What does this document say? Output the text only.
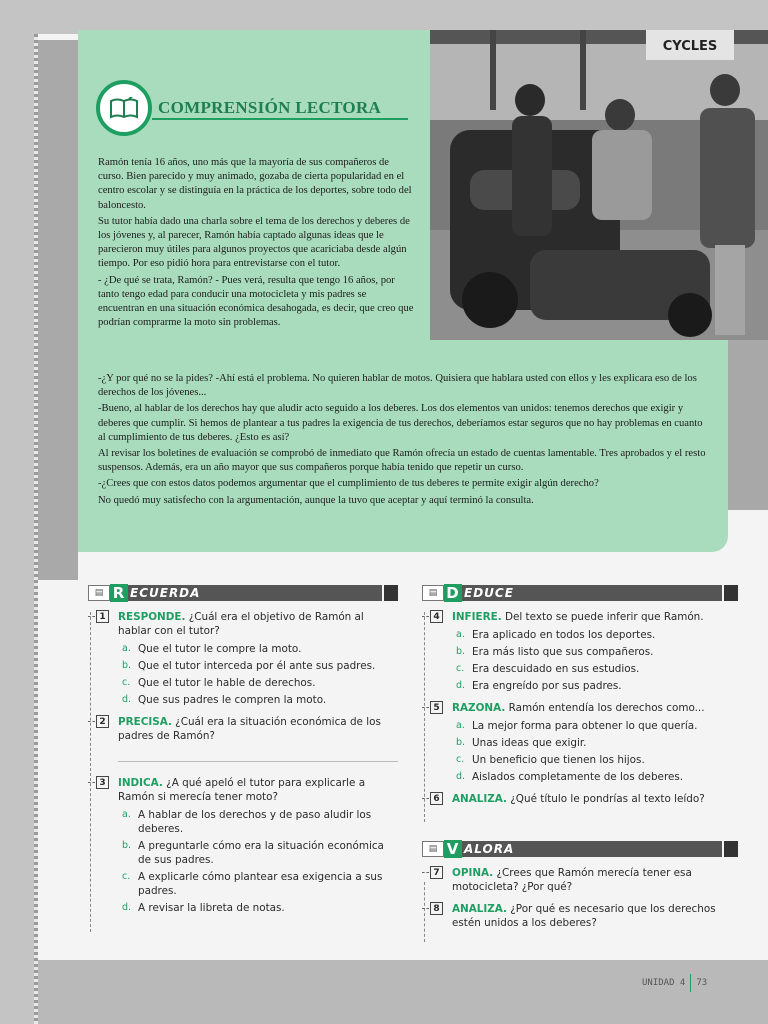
CYCLES
COMPRENSIÓN LECTORA

Ramón tenía 16 años, uno más que la mayoría de sus compañeros de curso. Bien parecido y muy animado, gozaba de cierta popularidad en el centro escolar y se distinguía en la práctica de los deportes, sobre todo del baloncesto.

Su tutor había dado una charla sobre el tema de los derechos y deberes de los jóvenes y, al parecer, Ramón había captado algunas ideas que le parecieron muy útiles para algunos proyectos que acariciaba desde algún tiempo. Por eso pidió hora para entrevistarse con el tutor.

- ¿De qué se trata, Ramón? - Pues verá, resulta que tengo 16 años, por tanto tengo edad para conducir una motocicleta y mis padres se encuentran en una situación económica desahogada, es decir, que creo que podrían comprarme la moto sin problemas.

-¿Y por qué no se la pides? -Ahí está el problema. No quieren hablar de motos. Quisiera que hablara usted con ellos y les explicara eso de los derechos de los jóvenes...

-Bueno, al hablar de los derechos hay que aludir acto seguido a los deberes. Los dos elementos van unidos: tenemos derechos que exigir y deberes que cumplir. Si hemos de plantear a tus padres la exigencia de tus derechos, deberíamos estar seguros que no hay problemas en cuanto al cumplimiento de tus deberes. ¿Esto es así?

Al revisar los boletines de evaluación se comprobó de inmediato que Ramón ofrecía un estado de cuentas lamentable. Tres aprobados y el resto suspensos. Además, era un año mayor que sus compañeros porque había tenido que repetir un curso.

-¿Crees que con estos datos podemos argumentar que el cumplimiento de tus deberes te permite exigir algún derecho?

No quedó muy satisfecho con la argumentación, aunque la tuvo que aceptar y aquí terminó la consulta.

▤ R ECUERDA
1	RESPONDE. ¿Cuál era el objetivo de Ramón al hablar con el tutor?
a. Que el tutor le compre la moto.
b. Que el tutor interceda por él ante sus padres.
c. Que el tutor le hable de derechos.
d. Que sus padres le compren la moto.
2	PRECISA. ¿Cuál era la situación económica de los padres de Ramón?
3	INDICA. ¿A qué apeló el tutor para explicarle a Ramón si merecía tener moto?
a. A hablar de los derechos y de paso aludir los deberes.
b. A preguntarle cómo era la situación económica de sus padres.
c. A explicarle cómo plantear esa exigencia a sus padres.
d. A revisar la libreta de notas.
▤ D EDUCE
4	INFIERE. Del texto se puede inferir que Ramón.
a. Era aplicado en todos los deportes.
b. Era más listo que sus compañeros.
c. Era descuidado en sus estudios.
d. Era engreído por sus padres.
5	RAZONA. Ramón entendía los derechos como...
a. La mejor forma para obtener lo que quería.
b. Unas ideas que exigir.
c. Un beneficio que tienen los hijos.
d. Aislados completamente de los deberes.
6	ANALIZA. ¿Qué título le pondrías al texto leído?
▤ V ALORA
7	OPINA. ¿Crees que Ramón merecía tener esa motocicleta? ¿Por qué?
8	ANALIZA. ¿Por qué es necesario que los derechos estén unidos a los deberes?
UNIDAD 4 73
